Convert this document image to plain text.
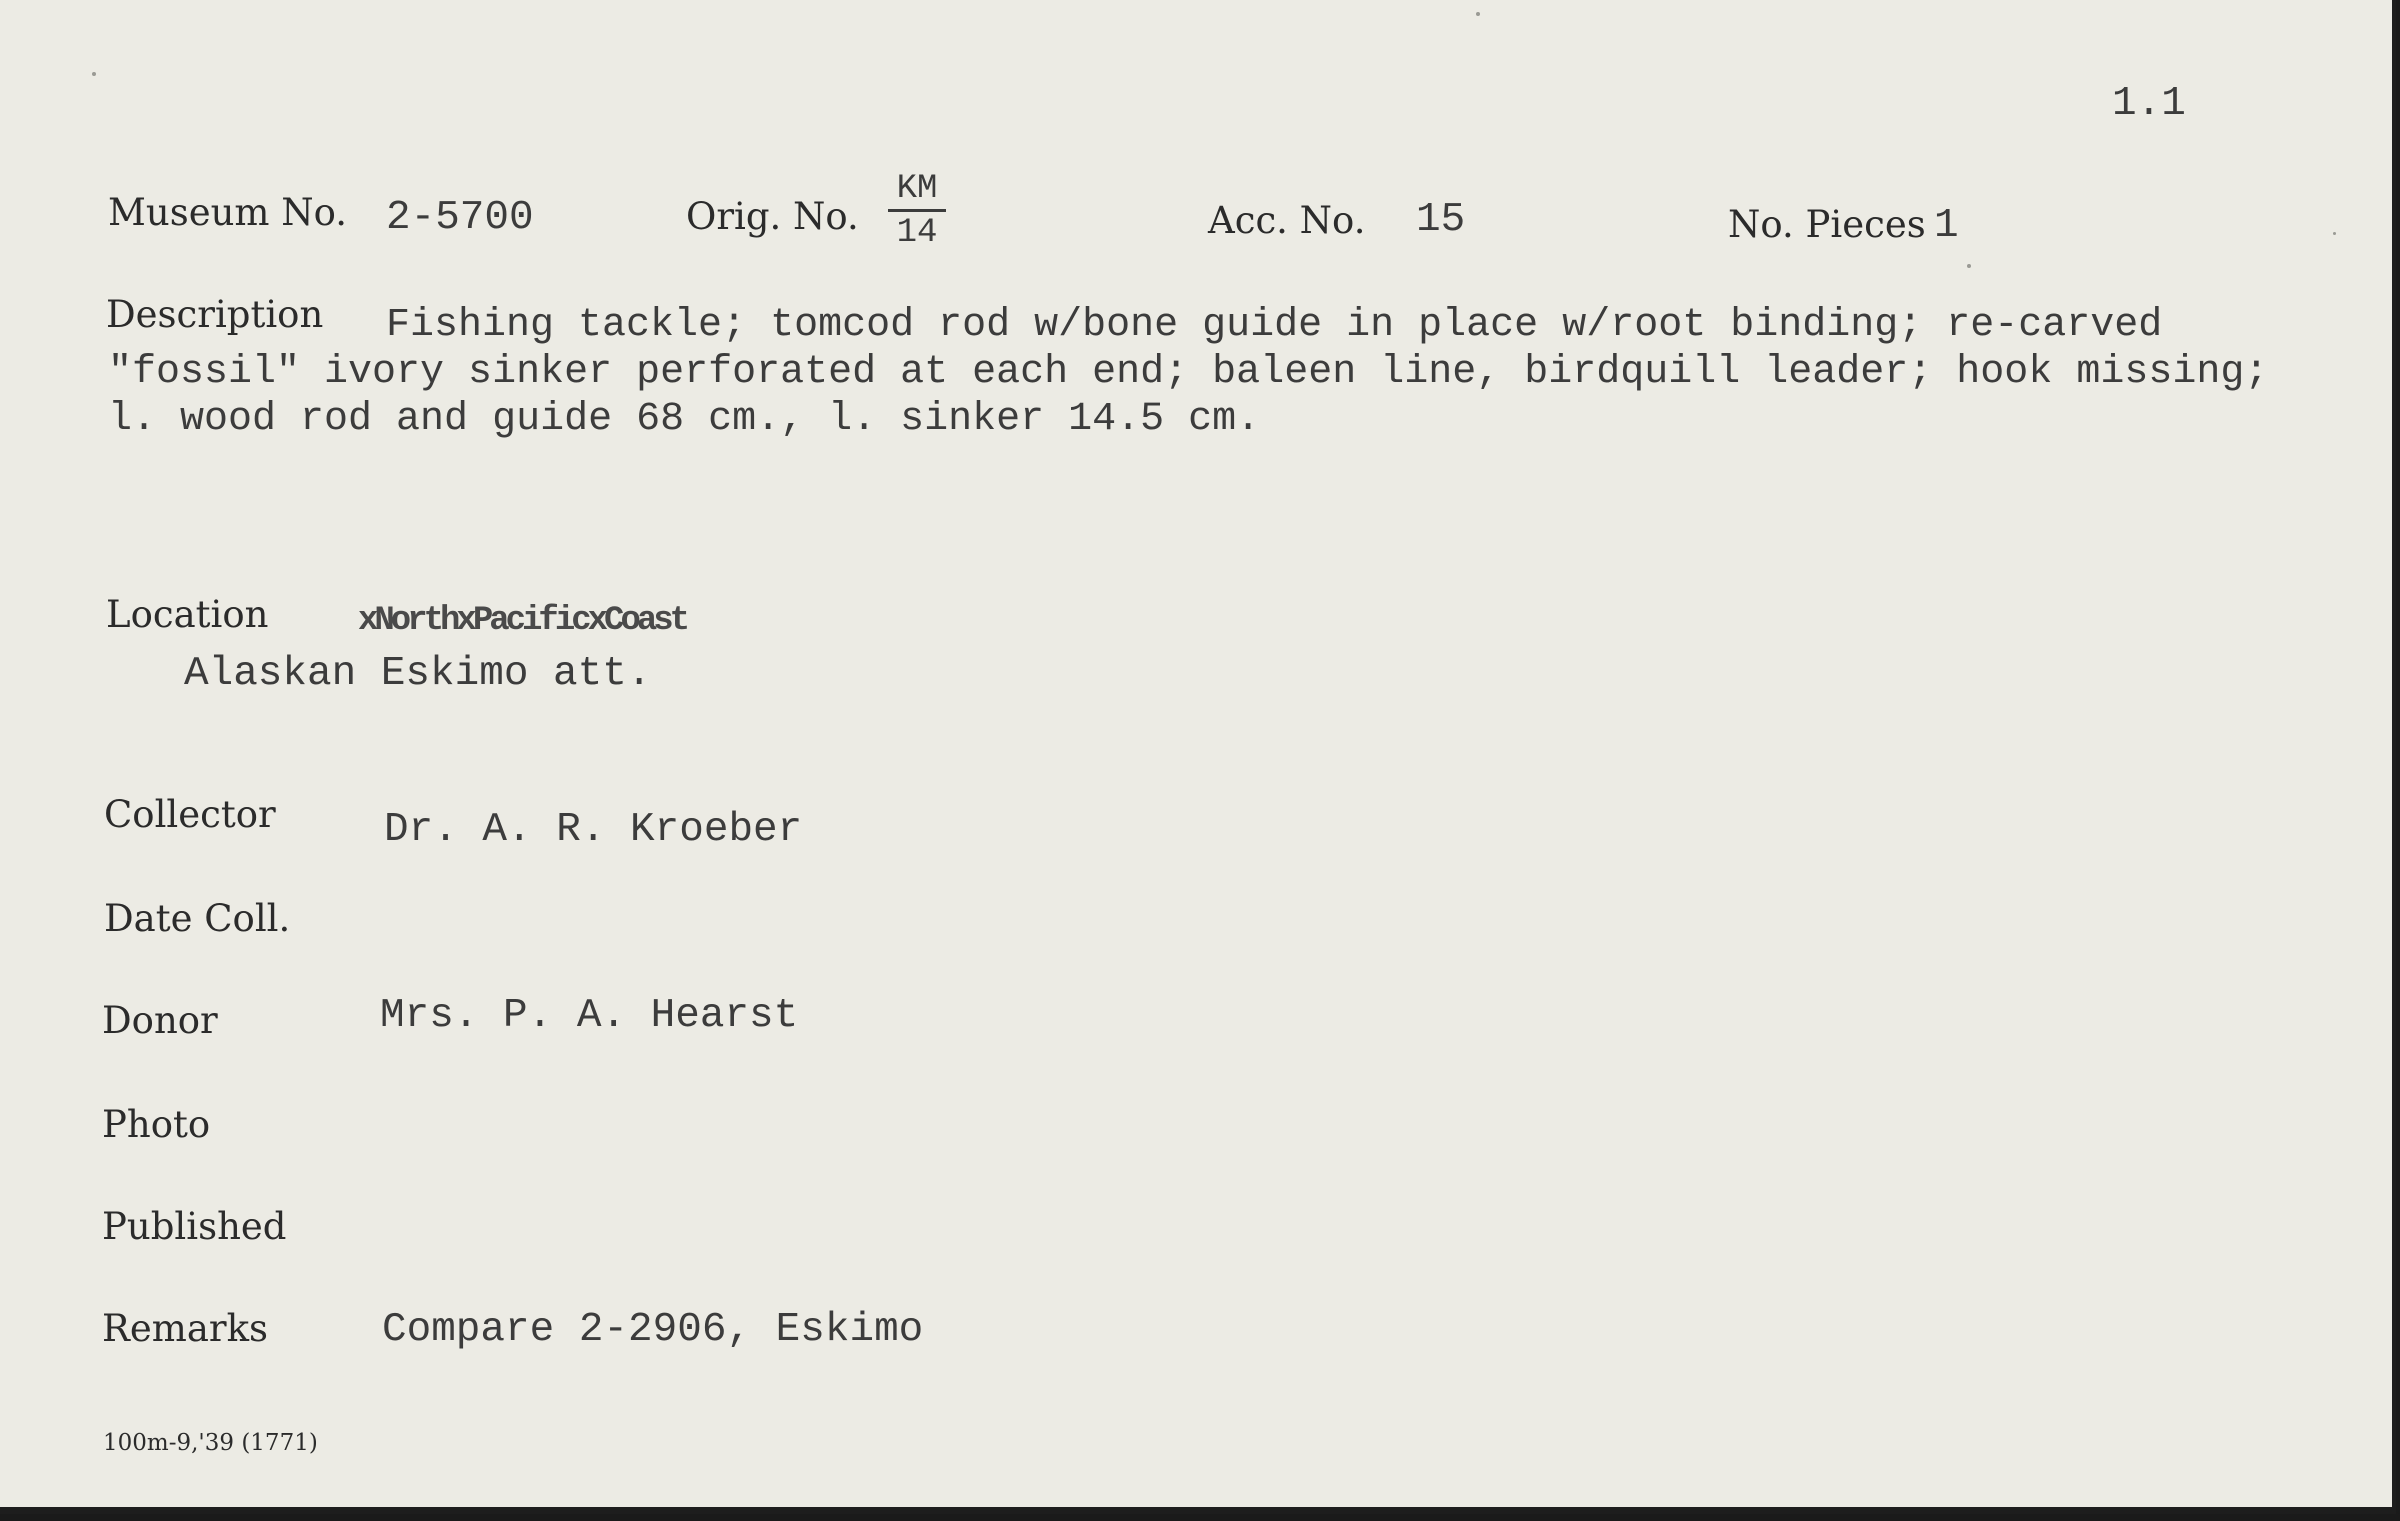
1.1
Museum No. 2-5700	Orig. No. $\frac{KM}{14}$	Acc. No. 15	No. Pieces 1
Description	Fishing tackle; tomcod rod w/bone guide in place w/root binding; re-carved
"fossil" ivory sinker perforated at each end; baleen line, birdquill leader; hook missing;
l. wood rod and guide 68 cm., l. sinker 14.5 cm.
Location	xNorthxPacificxCoast
Alaskan Eskimo att.
Collector	Dr. A. R. Kroeber
Date Coll.
Donor	Mrs. P. A. Hearst
Photo
Published
Remarks	Compare 2-2906, Eskimo
100m-9,'39 (1771)
